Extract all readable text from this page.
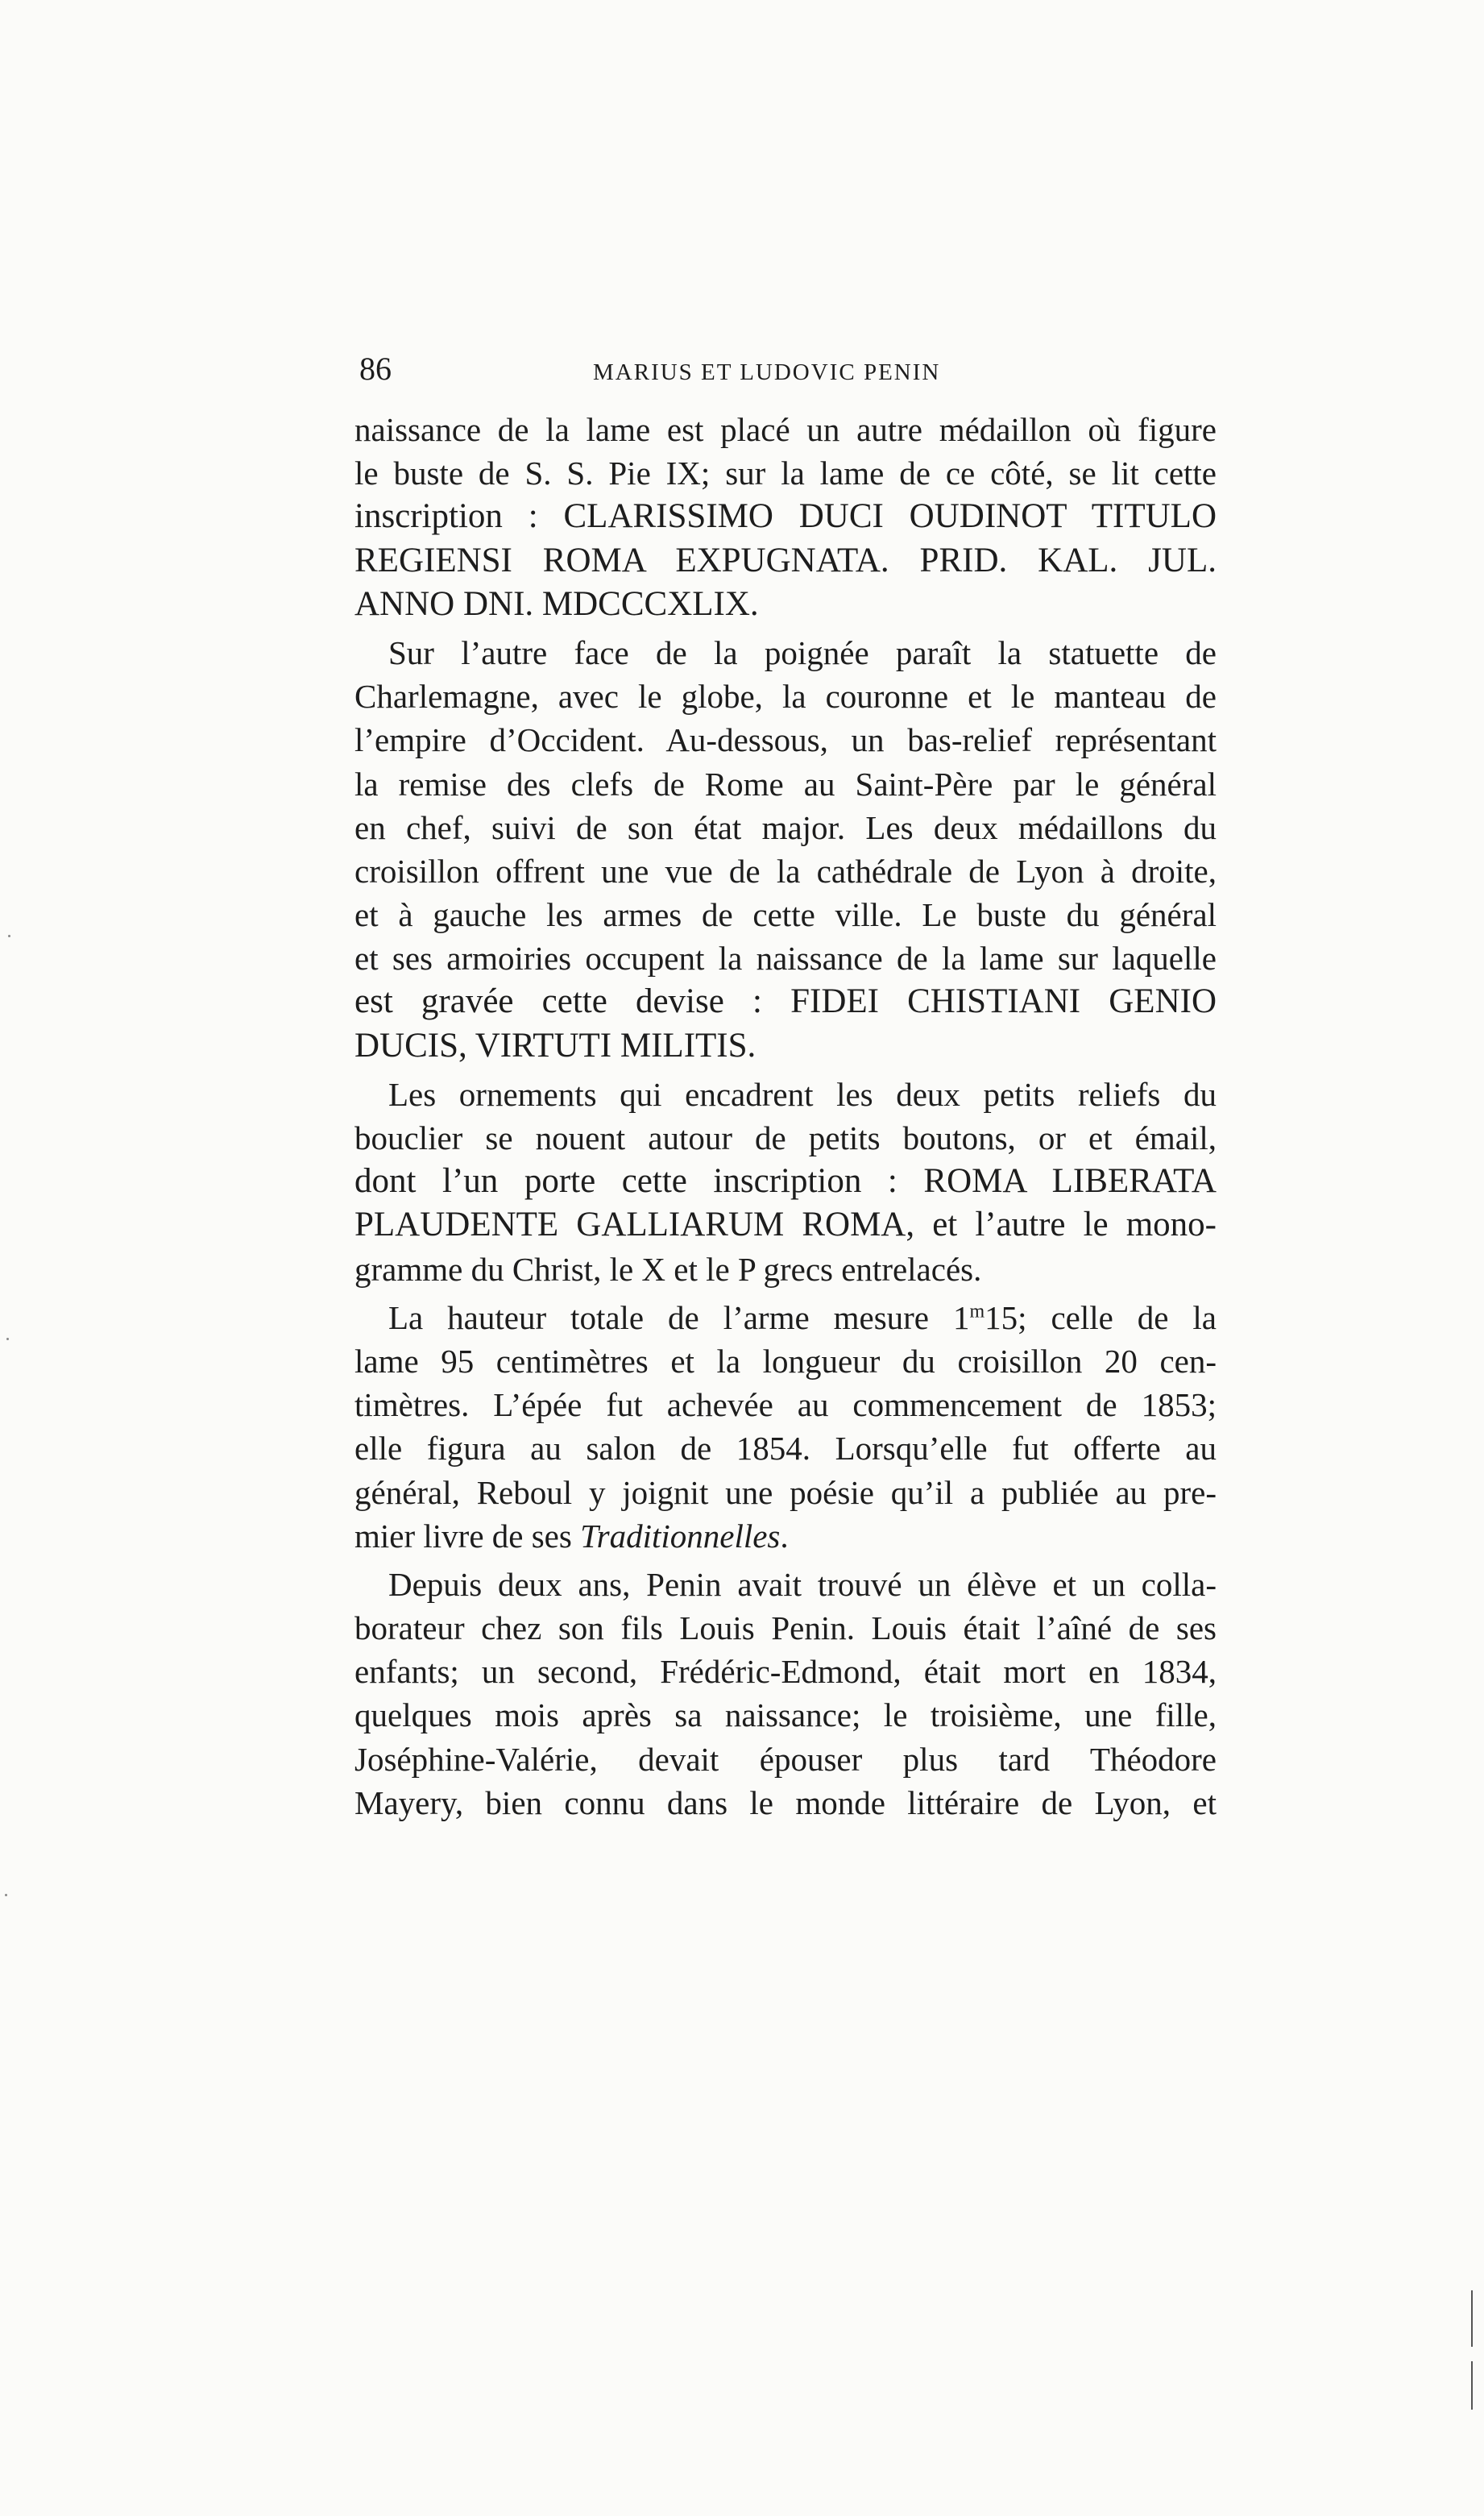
86	MARIUS ET LUDOVIC PENIN
naissance de la lame est placé un autre médaillon où figure
le buste de S. S. Pie IX; sur la lame de ce côté, se lit cette
inscription : CLARISSIMO DUCI OUDINOT TITULO
REGIENSI ROMA EXPUGNATA. PRID. KAL. JUL.
ANNO DNI. MDCCCXLIX.
Sur l’autre face de la poignée paraît la statuette de
Charlemagne, avec le globe, la couronne et le manteau de
l’empire d’Occident. Au-dessous, un bas-relief représentant
la remise des clefs de Rome au Saint-Père par le général
en chef, suivi de son état major. Les deux médaillons du
croisillon offrent une vue de la cathédrale de Lyon à droite,
et à gauche les armes de cette ville. Le buste du général
et ses armoiries occupent la naissance de la lame sur laquelle
est gravée cette devise : FIDEI CHISTIANI GENIO
DUCIS, VIRTUTI MILITIS.
Les ornements qui encadrent les deux petits reliefs du
bouclier se nouent autour de petits boutons, or et émail,
dont l’un porte cette inscription : ROMA LIBERATA
PLAUDENTE GALLIARUM ROMA, et l’autre le mono-
gramme du Christ, le X et le P grecs entrelacés.
La hauteur totale de l’arme mesure 1$^m$15; celle de la
lame 95 centimètres et la longueur du croisillon 20 cen-
timètres. L’épée fut achevée au commencement de 1853;
elle figura au salon de 1854. Lorsqu’elle fut offerte au
général, Reboul y joignit une poésie qu’il a publiée au pre-
mier livre de ses Traditionnelles.
Depuis deux ans, Penin avait trouvé un élève et un colla-
borateur chez son fils Louis Penin. Louis était l’aîné de ses
enfants; un second, Frédéric-Edmond, était mort en 1834,
quelques mois après sa naissance; le troisième, une fille,
Joséphine-Valérie, devait épouser plus tard Théodore
Mayery, bien connu dans le monde littéraire de Lyon, et
